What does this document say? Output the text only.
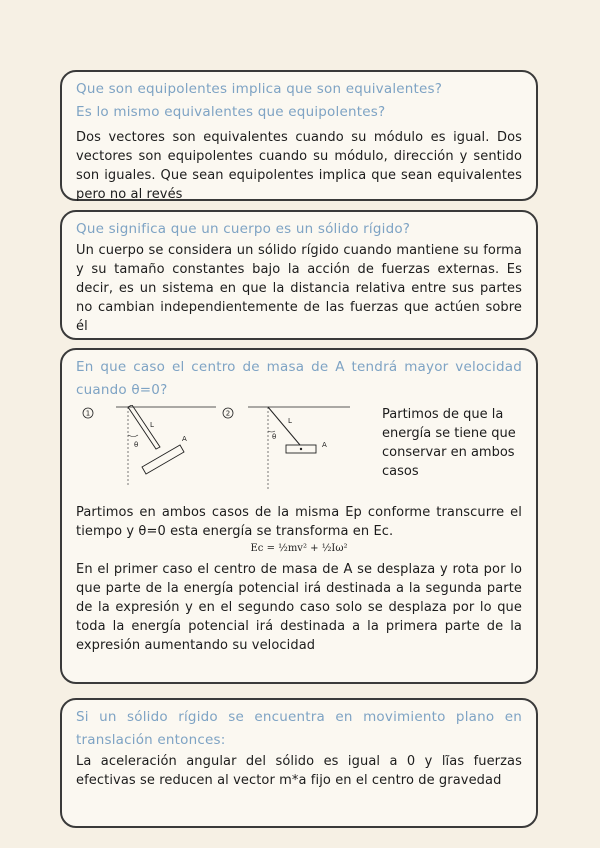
Que son equipolentes implica que son equivalentes?
Es lo mismo equivalentes que equipolentes?
Dos vectores son equivalentes cuando su módulo es igual. Dos vectores son equipolentes cuando su módulo, dirección y sentido son iguales. Que sean equipolentes implica que sean equivalentes pero no al revés
Que significa que un cuerpo es un sólido rígido?
Un cuerpo se considera un sólido rígido cuando mantiene su forma y su tamaño constantes bajo la acción de fuerzas externas. Es decir, es un sistema en que la distancia relativa entre sus partes no cambian independientemente de las fuerzas que actúen sobre él
En que caso el centro de masa de A tendrá mayor velocidad cuando θ=0?
1
θ
L
A
2
θ
L
A
Partimos de que la energía se tiene que conservar en ambos casos
Partimos en ambos casos de la misma Ep conforme transcurre el tiempo y θ=0 esta energía se transforma en Ec.
Ec = ½mv² + ½Iω²
En el primer caso el centro de masa de A se desplaza y rota por lo que parte de la energía potencial irá destinada a la segunda parte de la expresión y en el segundo caso solo se desplaza por lo que toda la energía potencial irá destinada a la primera parte de la expresión aumentando su velocidad
Si un sólido rígido se encuentra en movimiento plano en translación entonces:
La aceleración angular del sólido es igual a 0 y lĩas fuerzas efectivas se reducen al vector m*a fijo en el centro de gravedad
